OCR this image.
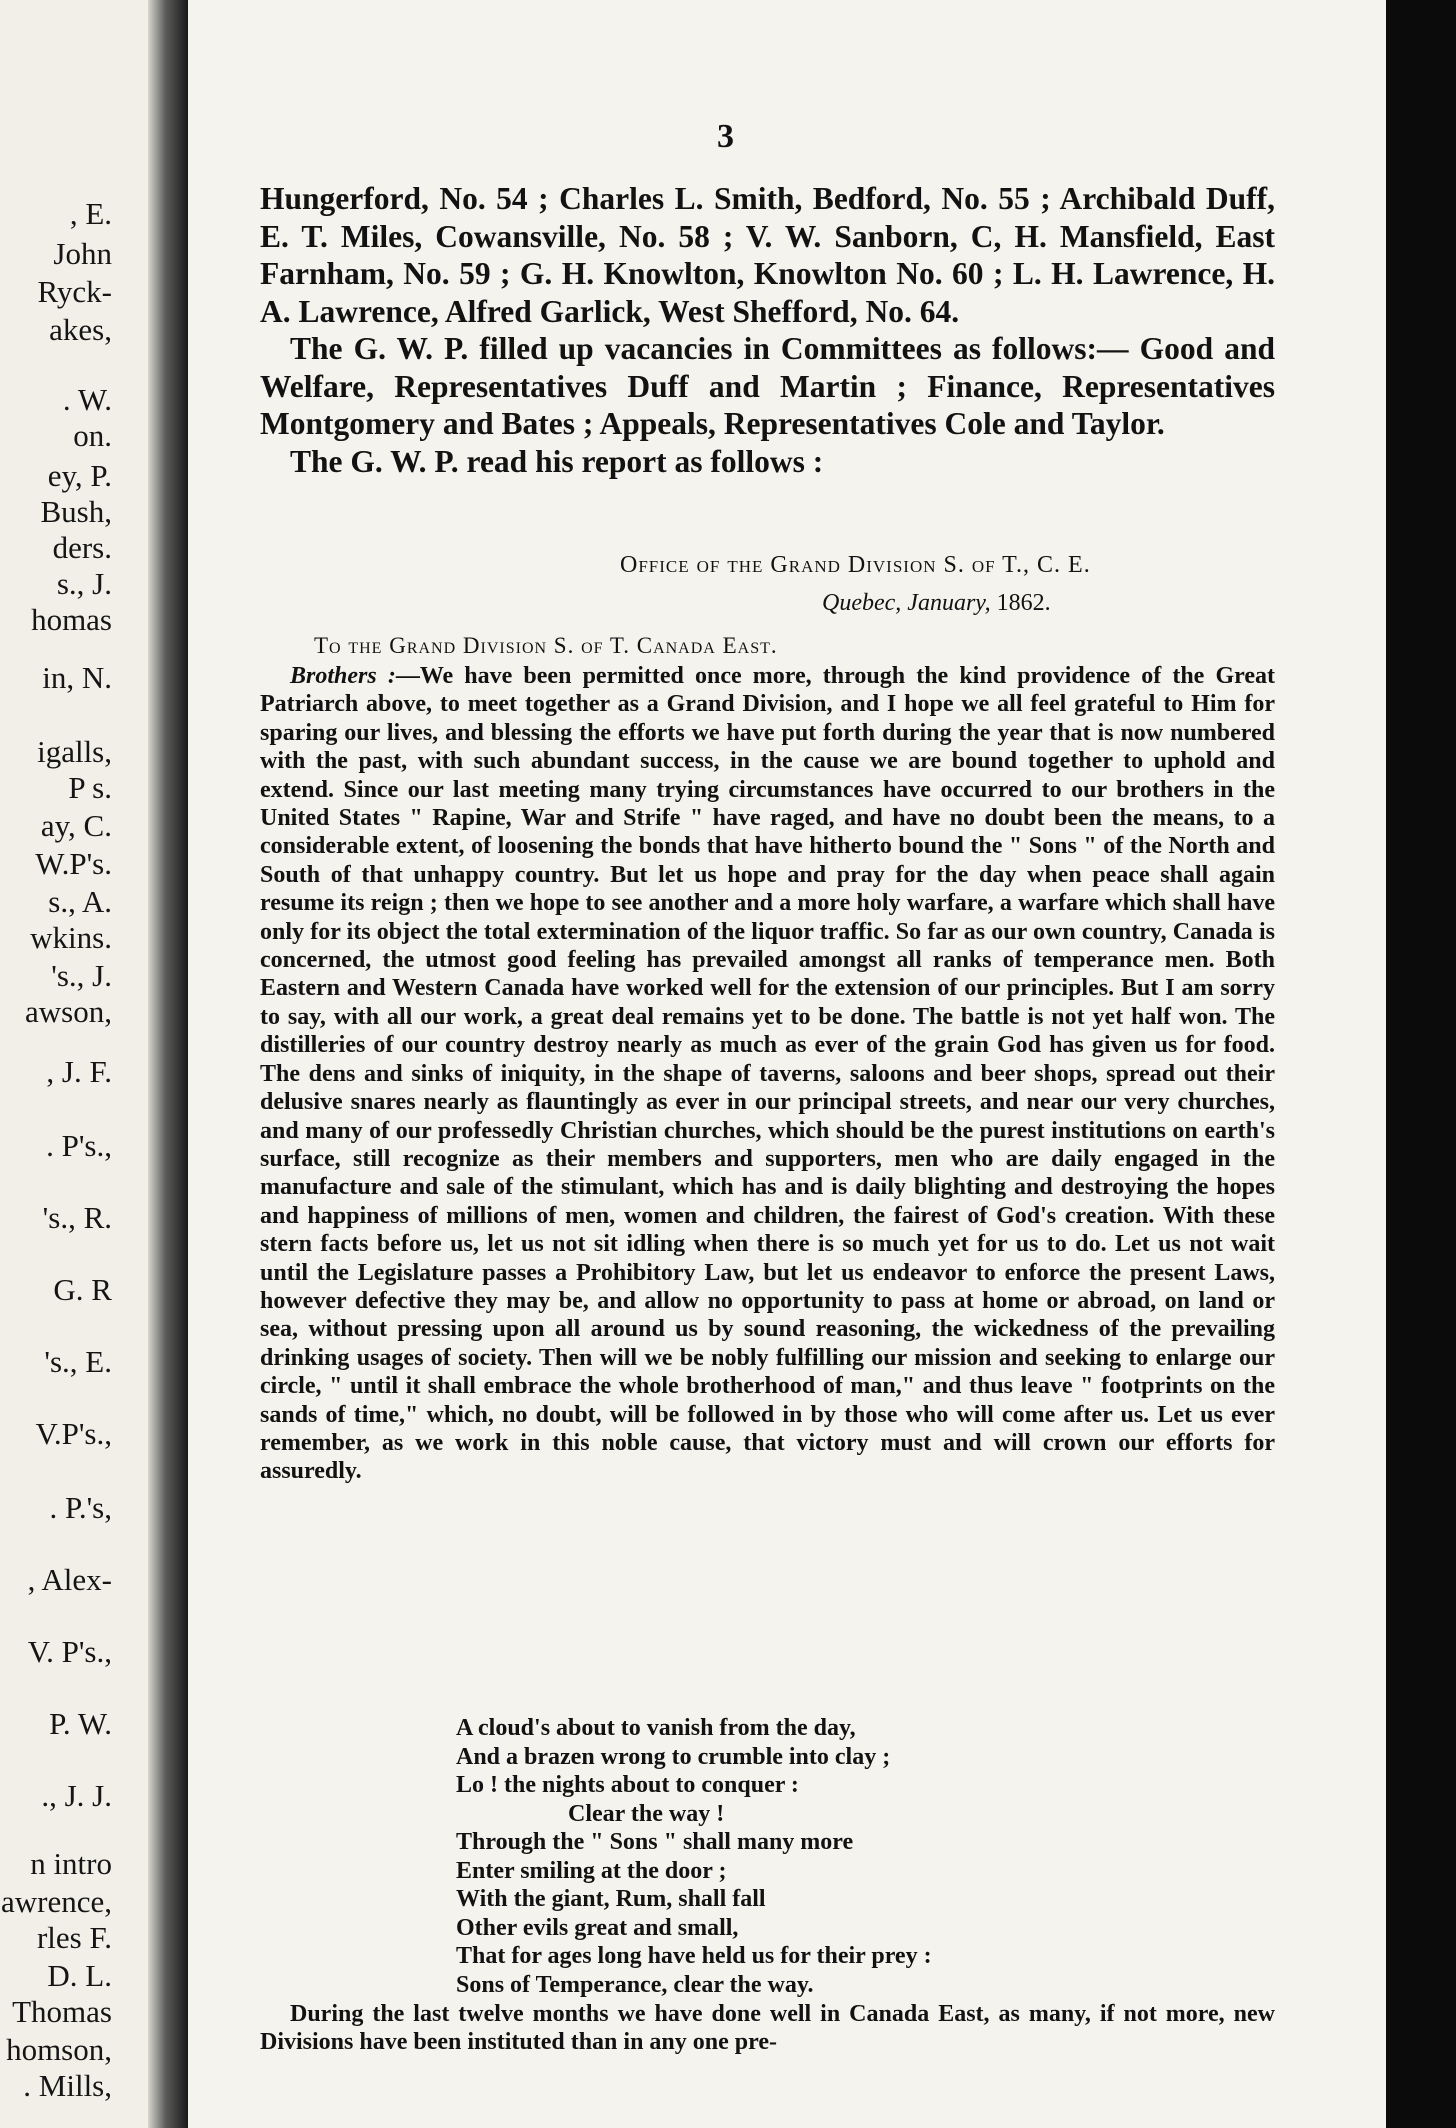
, E.
John
Ryck-
akes,
. W.
on.
ey, P.
Bush,
ders.
s., J.
homas
in, N.
igalls,
P s.
ay, C.
W.P's.
s., A.
wkins.
's., J.
awson,
, J. F.
. P's.,
's., R.
G. R
's., E.
V.P's.,
. P.'s,
, Alex-
V. P's.,
P. W.
., J. J.
n intro
awrence,
rles F.
D. L.
Thomas
homson,
. Mills,
3

Hungerford, No. 54 ; Charles L. Smith, Bedford, No. 55 ; Archibald Duff, E. T. Miles, Cowansville, No. 58 ; V. W. Sanborn, C, H. Mansfield, East Farnham, No. 59 ; G. H. Knowlton, Knowlton No. 60 ; L. H. Lawrence, H. A. Lawrence, Alfred Garlick, West Shefford, No. 64.

The G. W. P. filled up vacancies in Committees as follows:— Good and Welfare, Representatives Duff and Martin ; Finance, Representatives Montgomery and Bates ; Appeals, Representatives Cole and Taylor.

The G. W. P. read his report as follows :

Office of the Grand Division S. of T., C. E.
Quebec, January, 1862.
To the Grand Division S. of T. Canada East.

Brothers :—We have been permitted once more, through the kind providence of the Great Patriarch above, to meet together as a Grand Division, and I hope we all feel grateful to Him for sparing our lives, and blessing the efforts we have put forth during the year that is now numbered with the past, with such abundant success, in the cause we are bound together to uphold and extend. Since our last meeting many trying circumstances have occurred to our brothers in the United States " Rapine, War and Strife " have raged, and have no doubt been the means, to a considerable extent, of loosening the bonds that have hitherto bound the " Sons " of the North and South of that unhappy country. But let us hope and pray for the day when peace shall again resume its reign ; then we hope to see another and a more holy warfare, a warfare which shall have only for its object the total extermination of the liquor traffic. So far as our own country, Canada is concerned, the utmost good feeling has prevailed amongst all ranks of temperance men. Both Eastern and Western Canada have worked well for the extension of our principles. But I am sorry to say, with all our work, a great deal remains yet to be done. The battle is not yet half won. The distilleries of our country destroy nearly as much as ever of the grain God has given us for food. The dens and sinks of iniquity, in the shape of taverns, saloons and beer shops, spread out their delusive snares nearly as flauntingly as ever in our principal streets, and near our very churches, and many of our professedly Christian churches, which should be the purest institutions on earth's surface, still recognize as their members and supporters, men who are daily engaged in the manufacture and sale of the stimulant, which has and is daily blighting and destroying the hopes and happiness of millions of men, women and children, the fairest of God's creation. With these stern facts before us, let us not sit idling when there is so much yet for us to do. Let us not wait until the Legislature passes a Prohibitory Law, but let us endeavor to enforce the present Laws, however defective they may be, and allow no opportunity to pass at home or abroad, on land or sea, without pressing upon all around us by sound reasoning, the wickedness of the prevailing drinking usages of society. Then will we be nobly fulfilling our mission and seeking to enlarge our circle, " until it shall embrace the whole brotherhood of man," and thus leave " footprints on the sands of time," which, no doubt, will be followed in by those who will come after us. Let us ever remember, as we work in this noble cause, that victory must and will crown our efforts for assuredly.

A cloud's about to vanish from the day,
And a brazen wrong to crumble into clay ;
Lo ! the nights about to conquer :
Clear the way !
Through the " Sons " shall many more
Enter smiling at the door ;
With the giant, Rum, shall fall
Other evils great and small,
That for ages long have held us for their prey :
Sons of Temperance, clear the way.
During the last twelve months we have done well in Canada East, as many, if not more, new Divisions have been instituted than in any one pre-
